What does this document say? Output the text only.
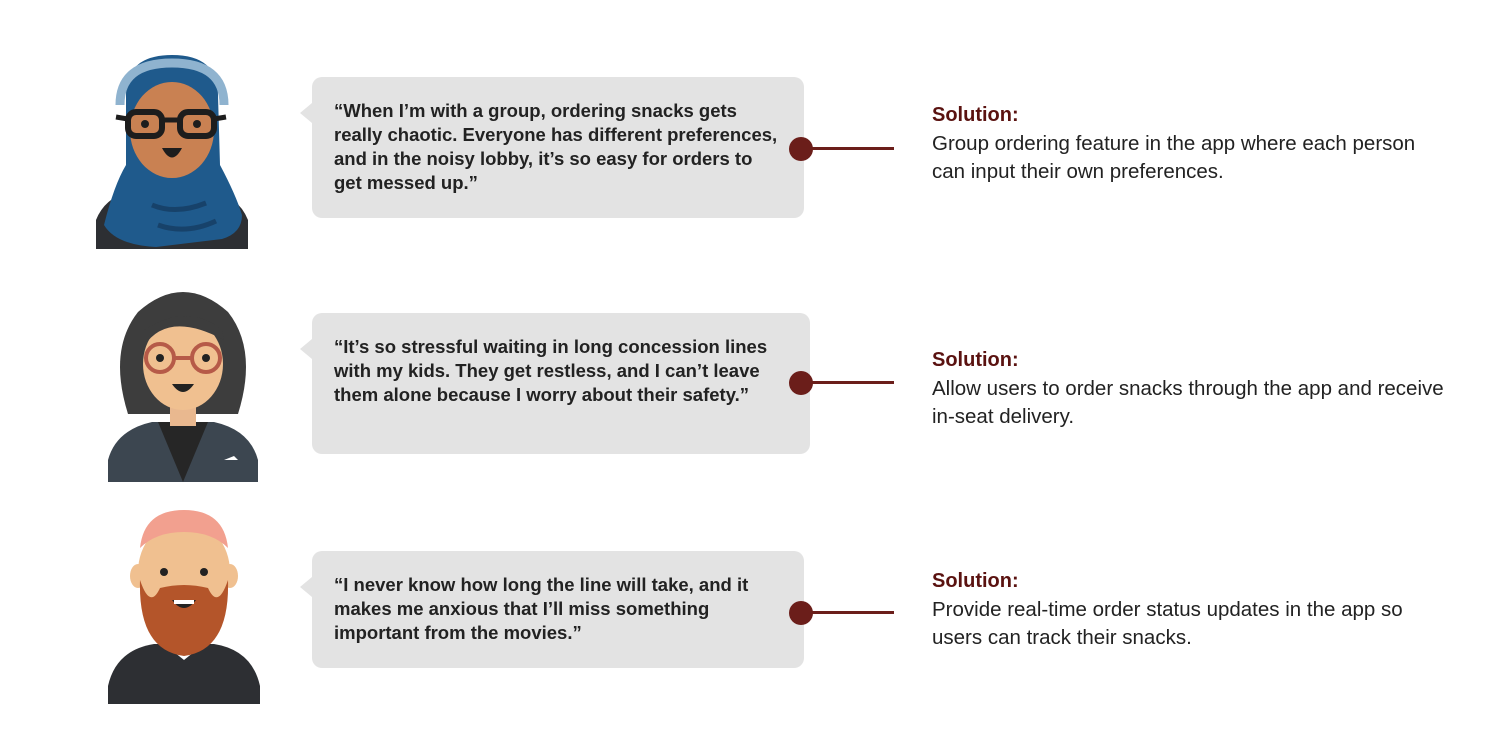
“When I’m with a group, ordering snacks gets really chaotic. Everyone has different preferences, and in the noisy lobby, it’s so easy for orders to get messed up.”
Solution:
Group ordering feature in the app where each person can input their own preferences.
“It’s so stressful waiting in long concession lines with my kids. They get restless, and I can’t leave them alone because I worry about their safety.”
Solution:
Allow users to order snacks through the app and receive in-seat delivery.
“I never know how long the line will take, and it makes me anxious that I’ll miss something important from the movies.”
Solution:
Provide real-time order status updates in the app so users can track their snacks.
